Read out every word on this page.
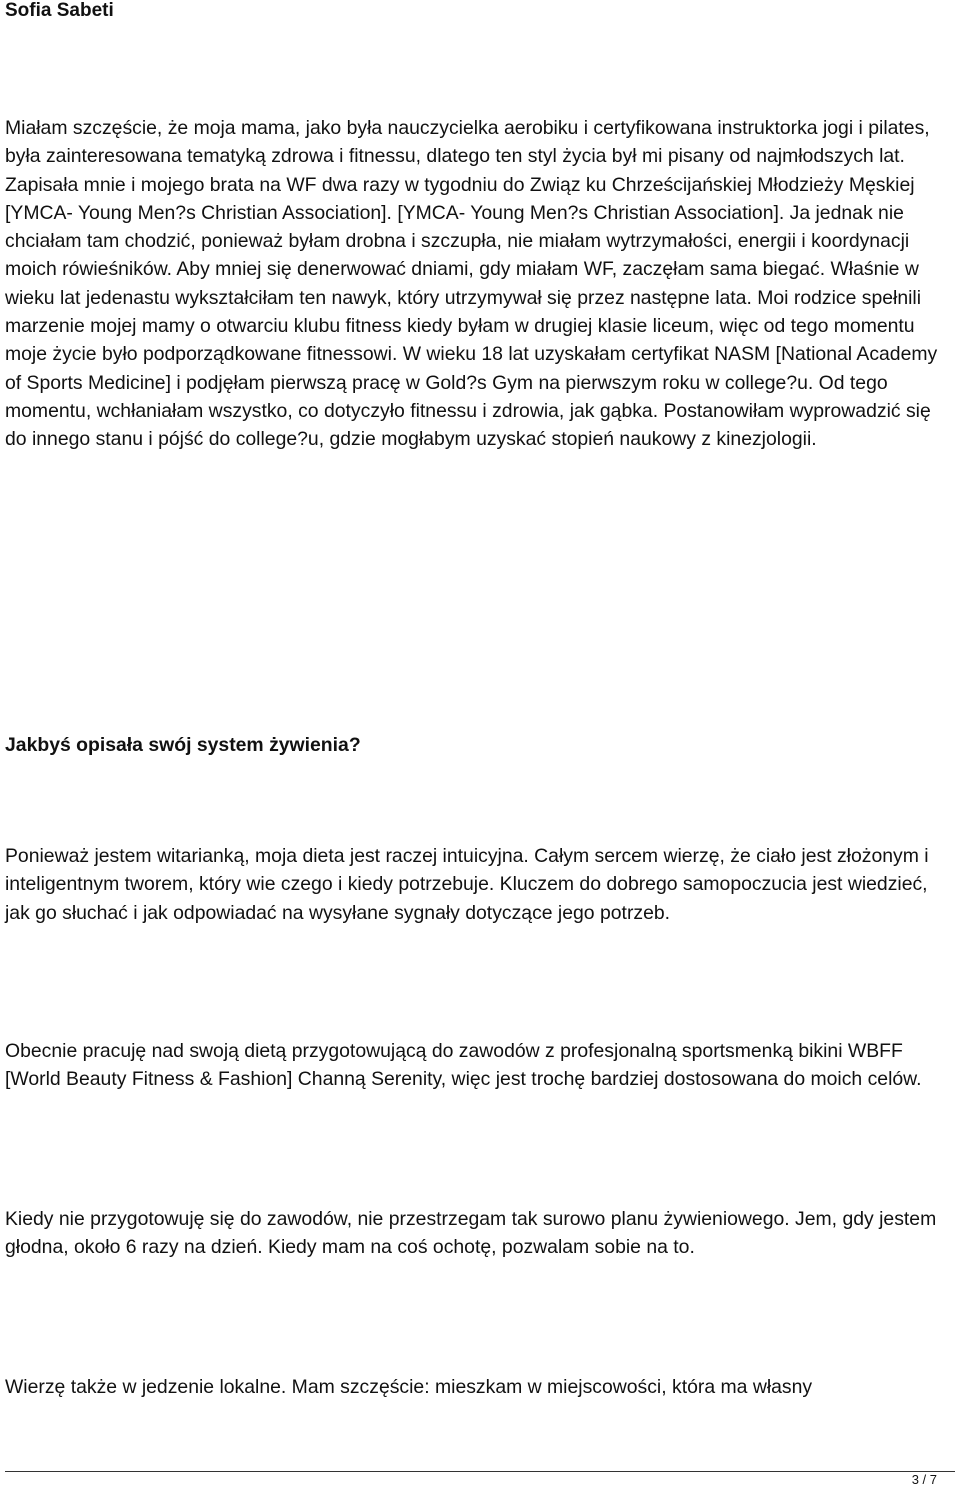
Sofia Sabeti

Miałam szczęście, że moja mama, jako była nauczycielka aerobiku i certyfikowana instruktorka jogi i pilates, była zainteresowana tematyką zdrowa i fitnessu, dlatego ten styl życia był mi pisany od najmłodszych lat. Zapisała mnie i mojego brata na WF dwa razy w tygodniu do Związ ku Chrześcijańskiej Młodzieży Męskiej [YMCA- Young Men?s Christian Association]. [YMCA- Young Men?s Christian Association]. Ja jednak nie chciałam tam chodzić, ponieważ byłam drobna i szczupła, nie miałam wytrzymałości, energii i koordynacji moich rówieśników. Aby mniej się denerwować dniami, gdy miałam WF, zaczęłam sama biegać. Właśnie w wieku lat jedenastu wykształciłam ten nawyk, który utrzymywał się przez następne lata. Moi rodzice spełnili marzenie mojej mamy o otwarciu klubu fitness kiedy byłam w drugiej klasie liceum, więc od tego momentu moje życie było podporządkowane fitnessowi. W wieku 18 lat uzyskałam certyfikat NASM [National Academy of Sports Medicine] i podjęłam pierwszą pracę w Gold?s Gym na pierwszym roku w college?u. Od tego momentu, wchłaniałam wszystko, co dotyczyło fitnessu i zdrowia, jak gąbka. Postanowiłam wyprowadzić się do innego stanu i pójść do college?u, gdzie mogłabym uzyskać stopień naukowy z kinezjologii.

Jakbyś opisała swój system żywienia?

Ponieważ jestem witarianką, moja dieta jest raczej intuicyjna. Całym sercem wierzę, że ciało jest złożonym i inteligentnym tworem, który wie czego i kiedy potrzebuje. Kluczem do dobrego samopoczucia jest wiedzieć, jak go słuchać i jak odpowiadać na wysyłane sygnały dotyczące jego potrzeb.

Obecnie pracuję nad swoją dietą przygotowującą do zawodów z profesjonalną sportsmenką bikini WBFF [World Beauty Fitness & Fashion] Channą Serenity, więc jest trochę bardziej dostosowana do moich celów.

Kiedy nie przygotowuję się do zawodów, nie przestrzegam tak surowo planu żywieniowego. Jem, gdy jestem głodna, około 6 razy na dzień. Kiedy mam na coś ochotę, pozwalam sobie na to.

Wierzę także w jedzenie lokalne. Mam szczęście: mieszkam w miejscowości, która ma własny

3 / 7
